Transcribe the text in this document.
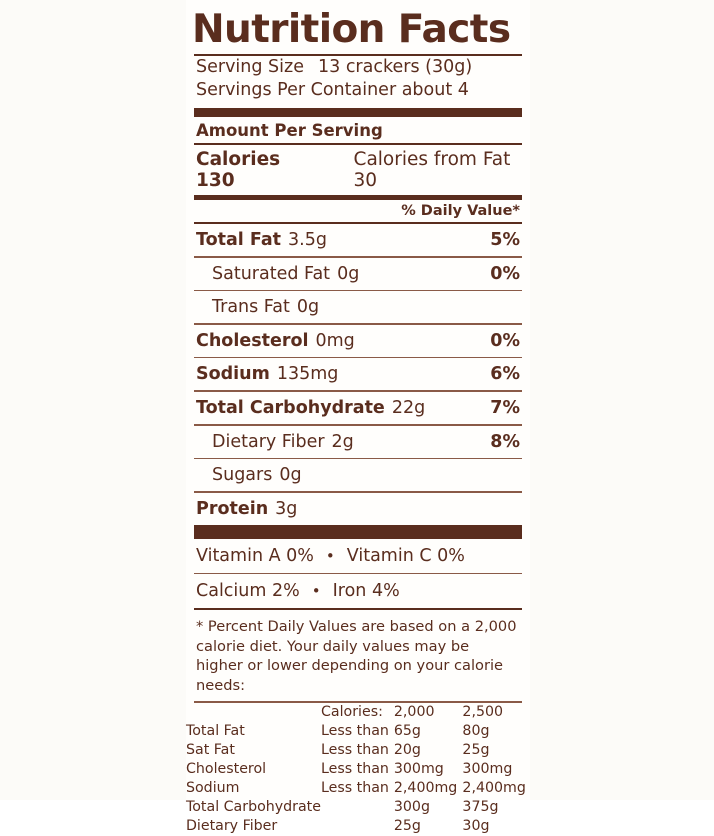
Nutrition Facts
Serving Size 13 crackers (30g)
Servings Per Container about 4
Amount Per Serving
Calories  130
Calories from Fat 30
% Daily Value*
Total Fat 3.5g	5%
Saturated Fat 0g	0%
Trans Fat 0g
Cholesterol 0mg	0%
Sodium 135mg	6%
Total Carbohydrate 22g	7%
Dietary Fiber 2g	8%
Sugars 0g
Protein 3g
Vitamin A 0% • Vitamin C 0%
Calcium 2% • Iron 4%
* Percent Daily Values are based on a 2,000 calorie diet. Your daily values may be higher or lower depending on your calorie needs:
	Calories:	2,000	2,500
Total Fat	Less than	65g	80g
Sat Fat	Less than	20g	25g
Cholesterol	Less than	300mg	300mg
Sodium	Less than	2,400mg	2,400mg
Total Carbohydrate		300g	375g
Dietary Fiber		25g	30g
